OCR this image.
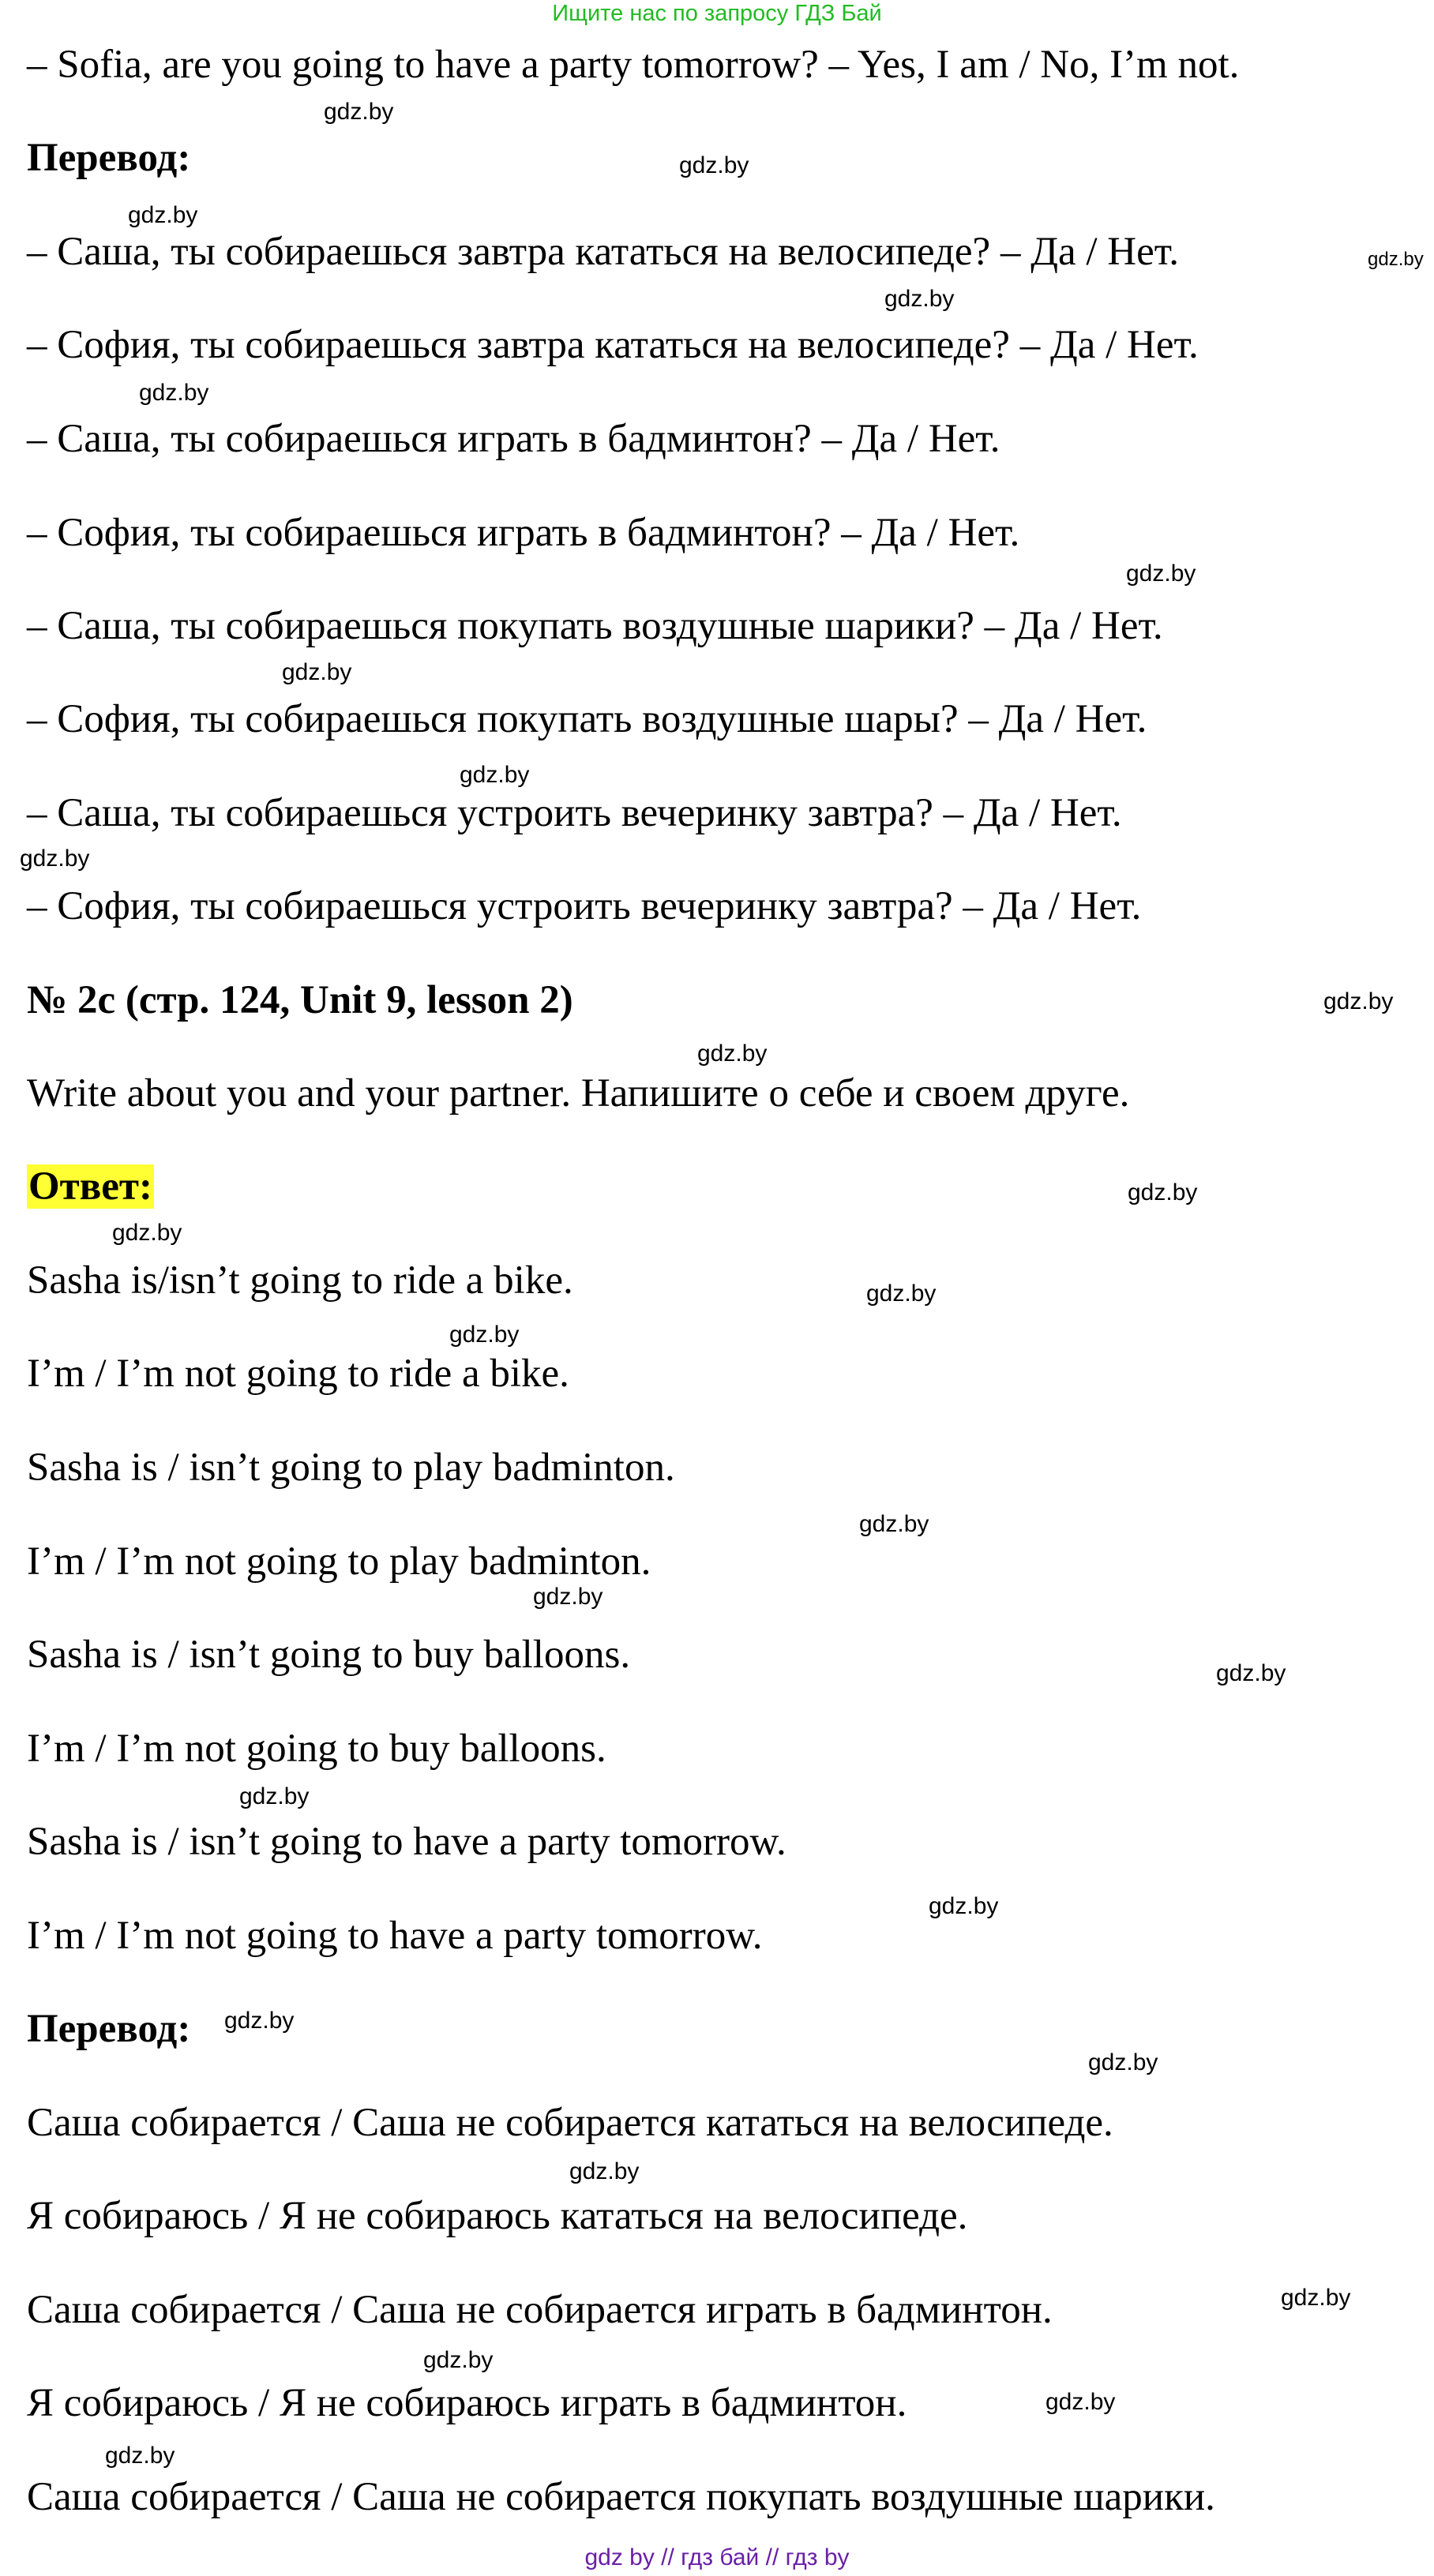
Ищите нас по запросу ГДЗ Бай
– Sofia, are you going to have a party tomorrow? – Yes, I am / No, I’m not.
Перевод:
– Саша, ты собираешься завтра кататься на велосипеде? – Да / Нет.
– София, ты собираешься завтра кататься на велосипеде? – Да / Нет.
– Саша, ты собираешься играть в бадминтон? – Да / Нет.
– София, ты собираешься играть в бадминтон? – Да / Нет.
– Саша, ты собираешься покупать воздушные шарики? – Да / Нет.
– София, ты собираешься покупать воздушные шары? – Да / Нет.
– Саша, ты собираешься устроить вечеринку завтра? – Да / Нет.
– София, ты собираешься устроить вечеринку завтра? – Да / Нет.
№ 2c (стр. 124, Unit 9, lesson 2)
Write about you and your partner. Напишите о себе и своем друге.
Ответ:
Sasha is/isn’t going to ride a bike.
I’m / I’m not going to ride a bike.
Sasha is / isn’t going to play badminton.
I’m / I’m not going to play badminton.
Sasha is / isn’t going to buy balloons.
I’m / I’m not going to buy balloons.
Sasha is / isn’t going to have a party tomorrow.
I’m / I’m not going to have a party tomorrow.
Перевод:
Саша собирается / Саша не собирается кататься на велосипеде.
Я собираюсь / Я не собираюсь кататься на велосипеде.
Саша собирается / Саша не собирается играть в бадминтон.
Я собираюсь / Я не собираюсь играть в бадминтон.
Саша собирается / Саша не собирается покупать воздушные шарики.
gdz.by
gdz.by
gdz.by
gdz.by
gdz.by
gdz.by
gdz.by
gdz.by
gdz.by
gdz.by
gdz.by
gdz.by
gdz.by
gdz.by
gdz.by
gdz.by
gdz.by
gdz.by
gdz.by
gdz.by
gdz.by
gdz.by
gdz.by
gdz.by
gdz.by
gdz.by
gdz.by
gdz.by
gdz by // гдз бай // гдз by
